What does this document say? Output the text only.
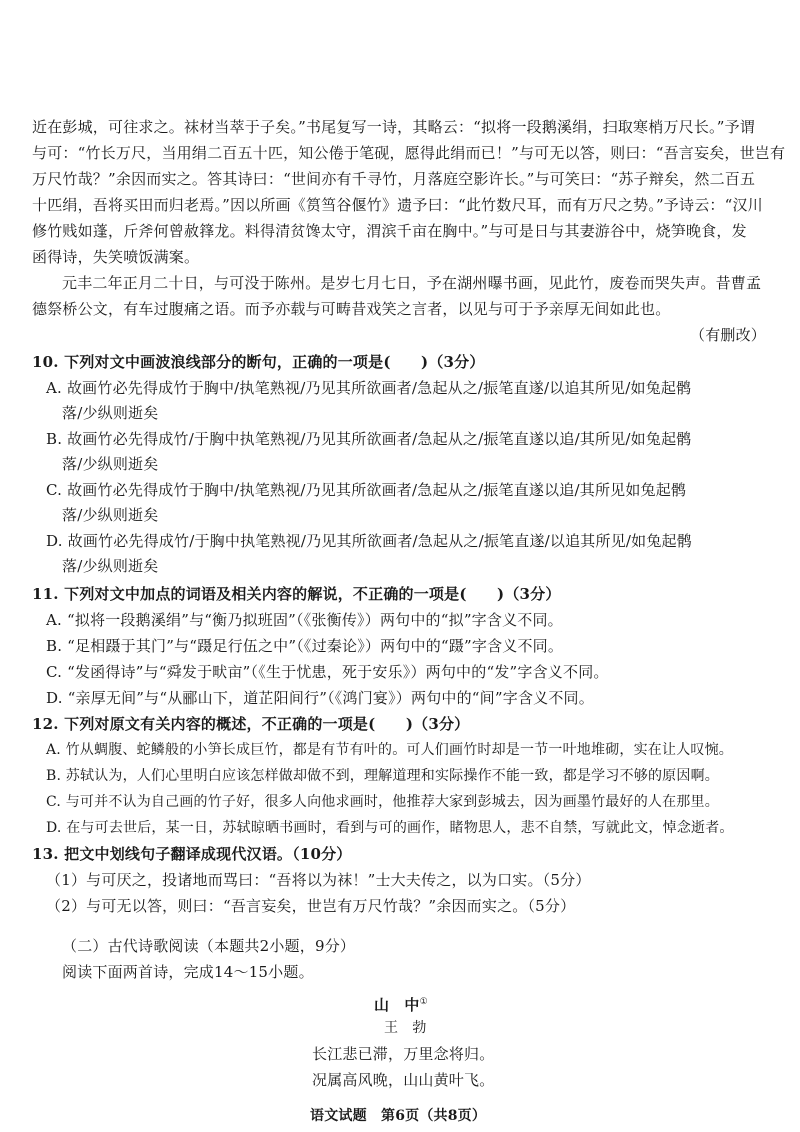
近在彭城，可往求之。袜材当萃于子矣。”书尾复写一诗，其略云：“拟将一段鹅溪绢，扫取寒梢万尺长。”予谓
与可：“竹长万尺，当用绢二百五十匹，知公倦于笔砚，愿得此绢而已！”与可无以答，则曰：“吾言妄矣，世岂有
万尺竹哉？”余因而实之。答其诗曰：“世间亦有千寻竹，月落庭空影许长。”与可笑曰：“苏子辩矣，然二百五
十匹绢，吾将买田而归老焉。”因以所画《筼筜谷偃竹》遗予曰：“此竹数尺耳，而有万尺之势。”予诗云：“汉川
修竹贱如蓬，斤斧何曾赦箨龙。料得清贫馋太守，渭滨千亩在胸中。”与可是日与其妻游谷中，烧笋晚食，发
函得诗，失笑喷饭满案。
元丰二年正月二十日，与可没于陈州。是岁七月七日，予在湖州曝书画，见此竹，废卷而哭失声。昔曹孟
德祭桥公文，有车过腹痛之语。而予亦载与可畴昔戏笑之言者，以见与可于予亲厚无间如此也。
（有删改）
10. 下列对文中画波浪线部分的断句，正确的一项是(　　)（3分）
A. 故画竹必先得成竹于胸中/执笔熟视/乃见其所欲画者/急起从之/振笔直遂/以追其所见/如兔起鹘
落/少纵则逝矣
B. 故画竹必先得成竹/于胸中执笔熟视/乃见其所欲画者/急起从之/振笔直遂以追/其所见/如兔起鹘
落/少纵则逝矣
C. 故画竹必先得成竹于胸中/执笔熟视/乃见其所欲画者/急起从之/振笔直遂以追/其所见如兔起鹘
落/少纵则逝矣
D. 故画竹必先得成竹/于胸中执笔熟视/乃见其所欲画者/急起从之/振笔直遂/以追其所见/如兔起鹘
落/少纵则逝矣
11. 下列对文中加点的词语及相关内容的解说，不正确的一项是(　　)（3分）
A. “拟将一段鹅溪绢”与“衡乃拟班固”（《张衡传》）两句中的“拟”字含义不同。
B. “足相蹑于其门”与“蹑足行伍之中”（《过秦论》）两句中的“蹑”字含义不同。
C. “发函得诗”与“舜发于畎亩”（《生于忧患，死于安乐》）两句中的“发”字含义不同。
D. “亲厚无间”与“从郦山下，道芷阳间行”（《鸿门宴》）两句中的“间”字含义不同。
12. 下列对原文有关内容的概述，不正确的一项是(　　)（3分）
A. 竹从蜩腹、蛇鳞般的小笋长成巨竹，都是有节有叶的。可人们画竹时却是一节一叶地堆砌，实在让人叹惋。
B. 苏轼认为，人们心里明白应该怎样做却做不到，理解道理和实际操作不能一致，都是学习不够的原因啊。
C. 与可并不认为自己画的竹子好，很多人向他求画时，他推荐大家到彭城去，因为画墨竹最好的人在那里。
D. 在与可去世后，某一日，苏轼晾晒书画时，看到与可的画作，睹物思人，悲不自禁，写就此文，悼念逝者。
13. 把文中划线句子翻译成现代汉语。（10分）
（1）与可厌之，投诸地而骂曰：“吾将以为袜！”士大夫传之，以为口实。（5分）
（2）与可无以答，则曰：“吾言妄矣，世岂有万尺竹哉？”余因而实之。（5分）
（二）古代诗歌阅读（本题共2小题，9分）
阅读下面两首诗，完成14～15小题。
山　中①
王　勃
长江悲已滞，万里念将归。
况属高风晚，山山黄叶飞。
语文试题　第6页（共8页）
